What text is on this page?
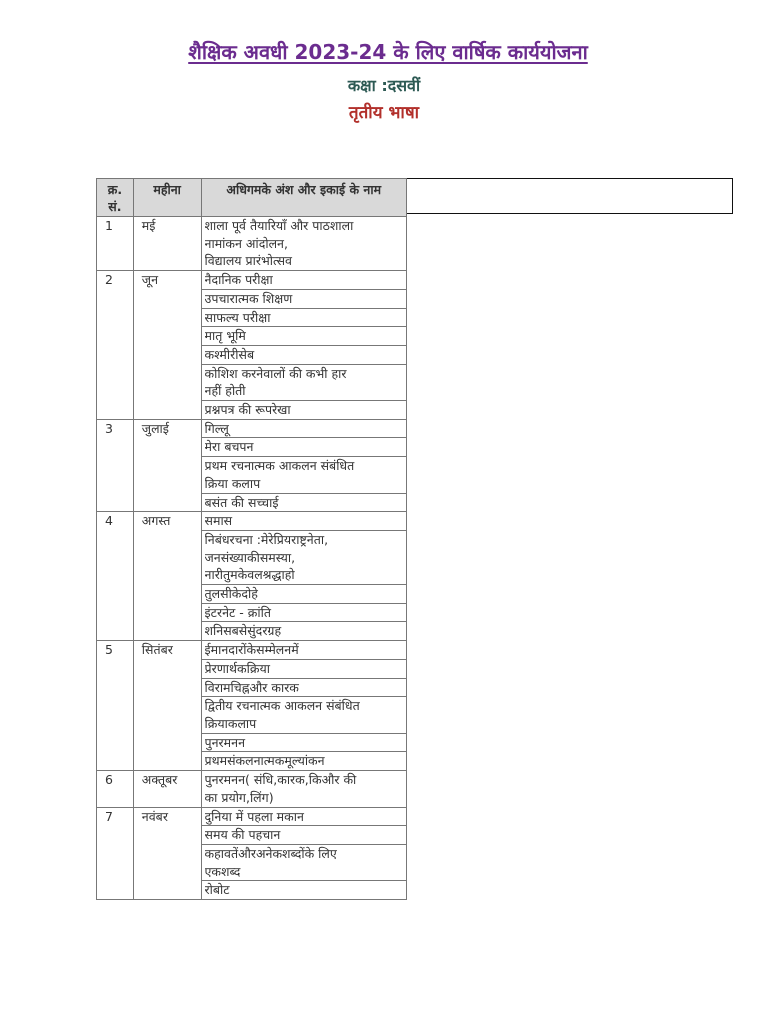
शैक्षिक अवधी 2023-24 के लिए वार्षिक कार्ययोजना
कक्षा :दसवीं
तृतीय भाषा
क्र. सं.	महीना	अधिगमके अंश और इकाई के नाम
1	मई	शाला पूर्व तैयारियाँ और पाठशाला
नामांकन आंदोलन,
विद्यालय प्रारंभोत्सव

2	जून	नैदानिक परीक्षा

		उपचारात्मक शिक्षण

		साफल्य परीक्षा

		मातृ भूमि

		कश्मीरीसेब

		कोशिश करनेवालों की कभी हार
नहीं होती

		प्रश्नपत्र की रूपरेखा

3	जुलाई	गिल्लू

		मेरा बचपन

		प्रथम रचनात्मक आकलन संबंधित
क्रिया कलाप

		बसंत की सच्चाई

4	अगस्त	समास

		निबंधरचना :मेरेप्रियराष्ट्रनेता,
जनसंख्याकीसमस्या,
नारीतुमकेवलश्रद्धाहो

		तुलसीकेदोहे

		इंटरनेट - क्रांति

		शनिसबसेसुंदरग्रह

5	सितंबर	ईमानदारोंकेसम्मेलनमें

		प्रेरणार्थकक्रिया

		विरामचिह्नऔर कारक

		द्वितीय रचनात्मक आकलन संबंधित
क्रियाकलाप

		पुनरमनन

		प्रथमसंकलनात्मकमूल्यांकन

6	अक्तूबर	पुनरमनन( संधि,कारक,किऔर की
का प्रयोग,लिंग)

7	नवंबर	दुनिया में पहला मकान

		समय की पहचान

		कहावतेंऔरअनेकशब्दोंके लिए
एकशब्द

		रोबोट
